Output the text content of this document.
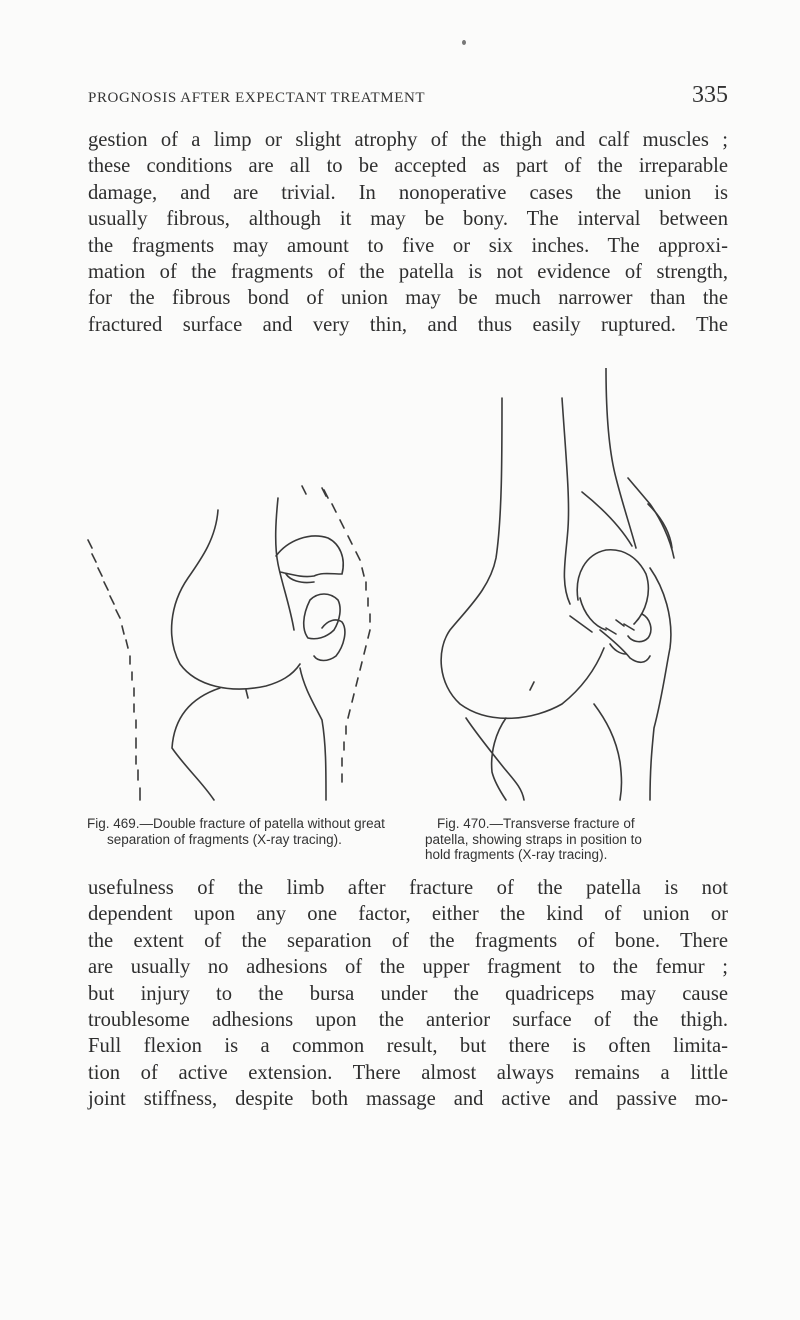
PROGNOSIS AFTER EXPECTANT TREATMENT	335

gestion of a limp or slight atrophy of the thigh and calf muscles ;

these conditions are all to be accepted as part of the irreparable

damage, and are trivial. In nonoperative cases the union is

usually fibrous, although it may be bony. The interval between

the fragments may amount to five or six inches. The approxi-

mation of the fragments of the patella is not evidence of strength,

for the fibrous bond of union may be much narrower than the

fractured surface and very thin, and thus easily ruptured. The

Fig. 469.—Double fracture of patella without great
separation of fragments (X-ray tracing).
Fig. 470.—Transverse fracture of
patella, showing straps in position to
hold fragments (X-ray tracing).

usefulness of the limb after fracture of the patella is not

dependent upon any one factor, either the kind of union or

the extent of the separation of the fragments of bone. There

are usually no adhesions of the upper fragment to the femur ;

but injury to the bursa under the quadriceps may cause

troublesome adhesions upon the anterior surface of the thigh.

Full flexion is a common result, but there is often limita-

tion of active extension. There almost always remains a little

joint stiffness, despite both massage and active and passive mo-
